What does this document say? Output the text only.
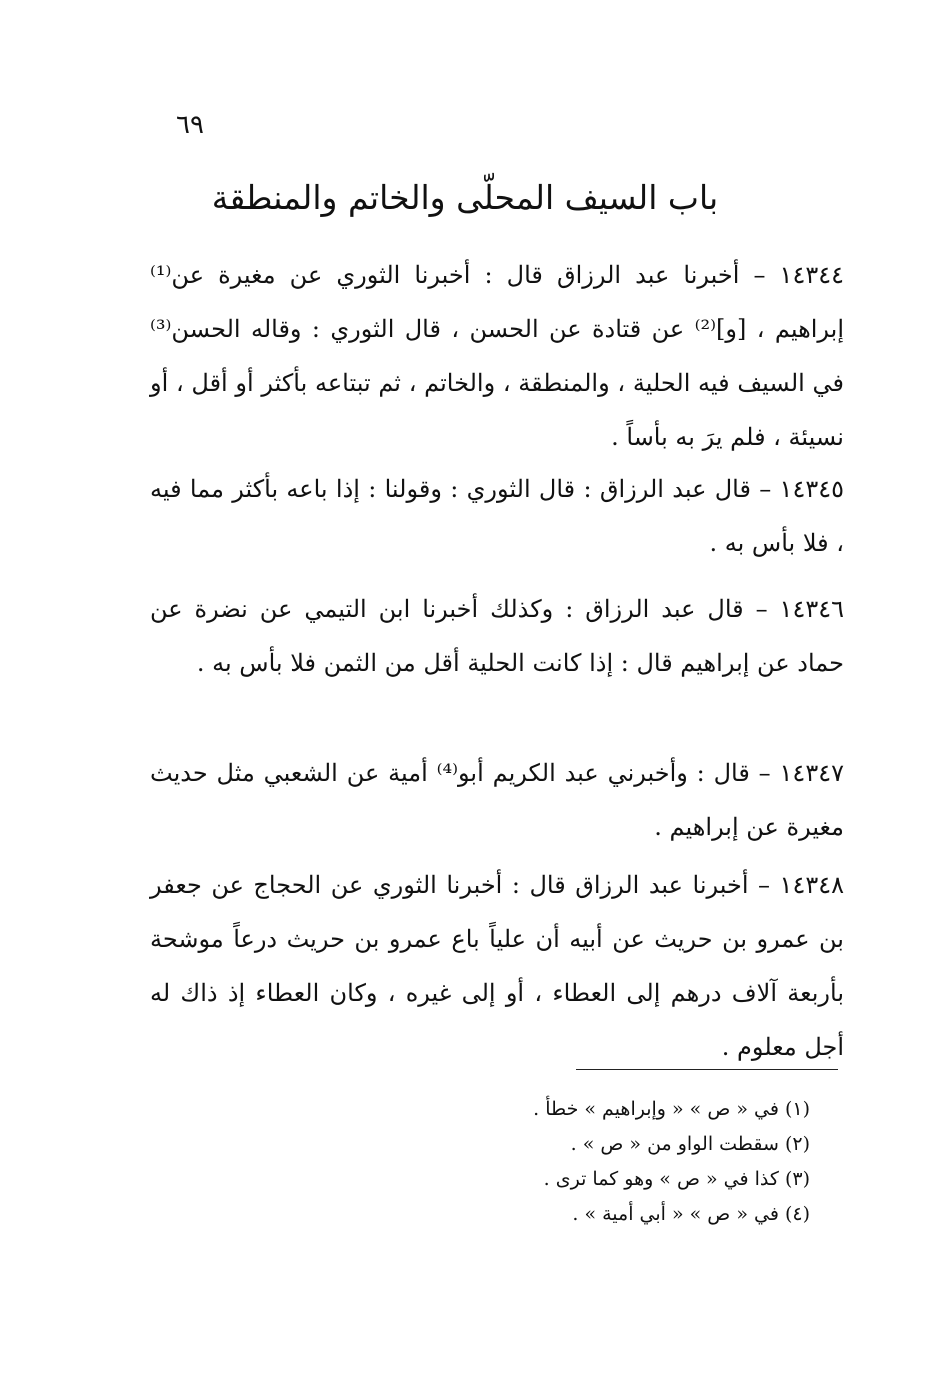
٦٩
باب السيف المحلّى والخاتم والمنطقة

١٤٣٤٤ – أخبرنا عبد الرزاق قال : أخبرنا الثوري عن مغيرة عن⁽¹⁾ إبراهيم ، [و]⁽²⁾ عن قتادة عن الحسن ، قال الثوري : وقاله الحسن⁽³⁾ في السيف فيه الحلية ، والمنطقة ، والخاتم ، ثم تبتاعه بأكثر أو أقل ، أو نسيئة ، فلم يرَ به بأساً .

١٤٣٤٥ – قال عبد الرزاق : قال الثوري : وقولنا : إذا باعه بأكثر مما فيه ، فلا بأس به .

١٤٣٤٦ – قال عبد الرزاق : وكذلك أخبرنا ابن التيمي عن نضرة عن حماد عن إبراهيم قال : إذا كانت الحلية أقل من الثمن فلا بأس به .

١٤٣٤٧ – قال : وأخبرني عبد الكريم أبو⁽⁴⁾ أمية عن الشعبي مثل حديث مغيرة عن إبراهيم .

١٤٣٤٨ – أخبرنا عبد الرزاق قال : أخبرنا الثوري عن الحجاج عن جعفر بن عمرو بن حريث عن أبيه أن علياً باع عمرو بن حريث درعاً موشحة بأربعة آلاف درهم إلى العطاء ، أو إلى غيره ، وكان العطاء إذ ذاك له أجل معلوم .

(١) في « ص » « وإبراهيم » خطأ .

(٢) سقطت الواو من « ص » .

(٣) كذا في « ص » وهو كما ترى .

(٤) في « ص » « أبي أمية » .
